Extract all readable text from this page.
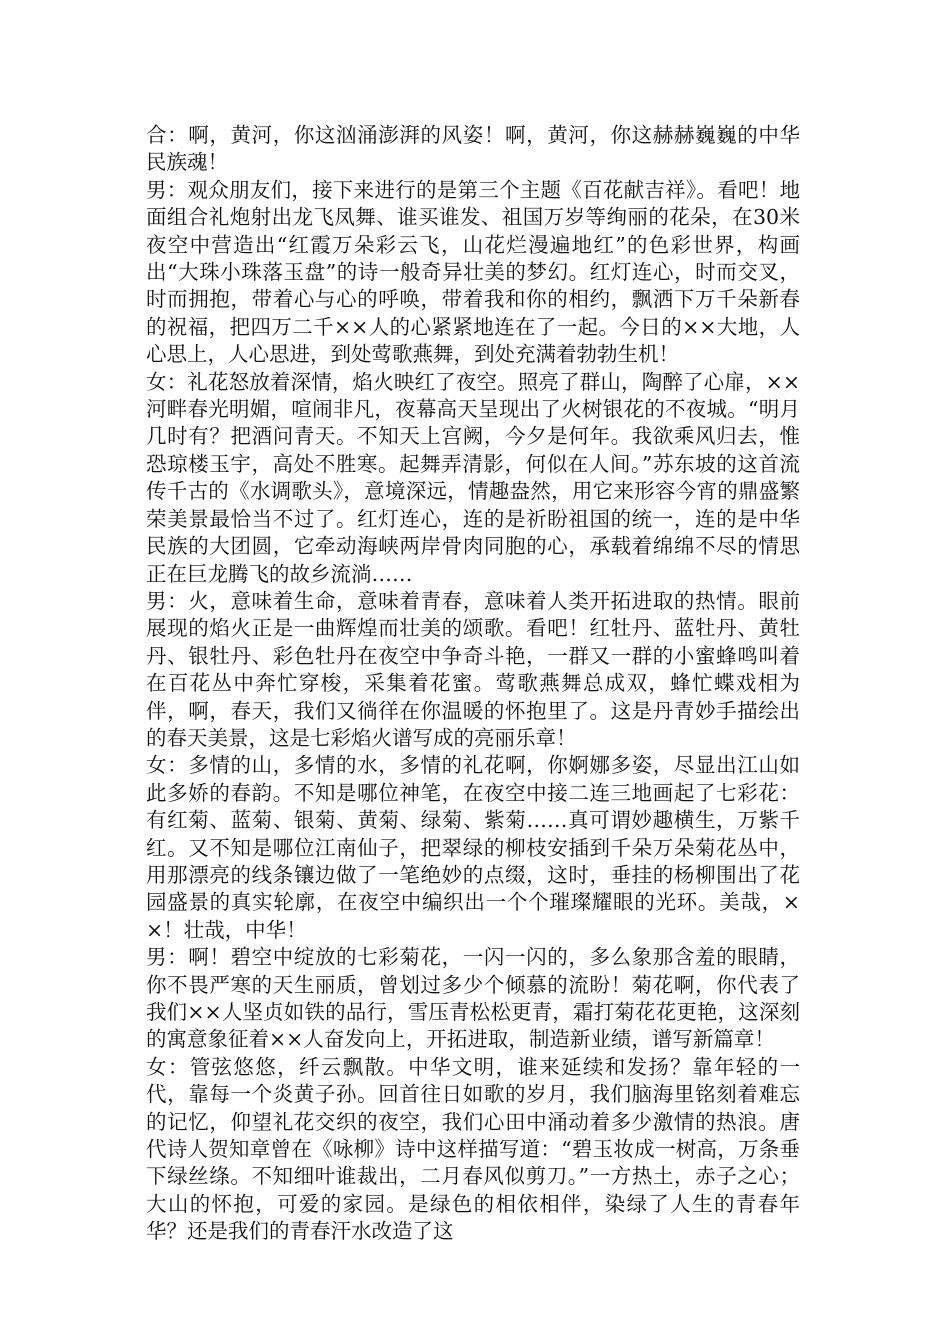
合：啊，黄河，你这汹涌澎湃的风姿！啊，黄河，你这赫赫巍巍的中华民族魂！

男：观众朋友们，接下来进行的是第三个主题《百花献吉祥》。看吧！地面组合礼炮射出龙飞凤舞、谁买谁发、祖国万岁等绚丽的花朵，在30米夜空中营造出“红霞万朵彩云飞，山花烂漫遍地红”的色彩世界，构画出“大珠小珠落玉盘”的诗一般奇异壮美的梦幻。红灯连心，时而交叉，时而拥抱，带着心与心的呼唤，带着我和你的相约，飘洒下万千朵新春的祝福，把四万二千××人的心紧紧地连在了一起。今日的××大地，人心思上，人心思进，到处莺歌燕舞，到处充满着勃勃生机！

女：礼花怒放着深情，焰火映红了夜空。照亮了群山，陶醉了心扉，××河畔春光明媚，喧闹非凡，夜幕高天呈现出了火树银花的不夜城。“明月几时有？把酒问青天。不知天上宫阙，今夕是何年。我欲乘风归去，惟恐琼楼玉宇，高处不胜寒。起舞弄清影，何似在人间。”苏东坡的这首流传千古的《水调歌头》，意境深远，情趣盎然，用它来形容今宵的鼎盛繁荣美景最恰当不过了。红灯连心，连的是祈盼祖国的统一，连的是中华民族的大团圆，它牵动海峡两岸骨肉同胞的心，承载着绵绵不尽的情思正在巨龙腾飞的故乡流淌……

男：火，意味着生命，意味着青春，意味着人类开拓进取的热情。眼前展现的焰火正是一曲辉煌而壮美的颂歌。看吧！红牡丹、蓝牡丹、黄牡丹、银牡丹、彩色牡丹在夜空中争奇斗艳，一群又一群的小蜜蜂鸣叫着在百花丛中奔忙穿梭，采集着花蜜。莺歌燕舞总成双，蜂忙蝶戏相为伴，啊，春天，我们又徜徉在你温暖的怀抱里了。这是丹青妙手描绘出的春天美景，这是七彩焰火谱写成的亮丽乐章！

女：多情的山，多情的水，多情的礼花啊，你婀娜多姿，尽显出江山如此多娇的春韵。不知是哪位神笔，在夜空中接二连三地画起了七彩花：有红菊、蓝菊、银菊、黄菊、绿菊、紫菊……真可谓妙趣横生，万紫千红。又不知是哪位江南仙子，把翠绿的柳枝安插到千朵万朵菊花丛中，用那漂亮的线条镶边做了一笔绝妙的点缀，这时，垂挂的杨柳围出了花园盛景的真实轮廓，在夜空中编织出一个个璀璨耀眼的光环。美哉，××！壮哉，中华！

男：啊！碧空中绽放的七彩菊花，一闪一闪的，多么象那含羞的眼睛，你不畏严寒的天生丽质，曾划过多少个倾慕的流盼！菊花啊，你代表了我们××人坚贞如铁的品行，雪压青松松更青，霜打菊花花更艳，这深刻的寓意象征着××人奋发向上，开拓进取，制造新业绩，谱写新篇章！

女：管弦悠悠，纤云飘散。中华文明，谁来延续和发扬？靠年轻的一代，靠每一个炎黄子孙。回首往日如歌的岁月，我们脑海里铭刻着难忘的记忆，仰望礼花交织的夜空，我们心田中涌动着多少激情的热浪。唐代诗人贺知章曾在《咏柳》诗中这样描写道：“碧玉妆成一树高，万条垂下绿丝绦。不知细叶谁裁出，二月春风似剪刀。”一方热土，赤子之心；大山的怀抱，可爱的家园。是绿色的相依相伴，染绿了人生的青春年华？还是我们的青春汗水改造了这
